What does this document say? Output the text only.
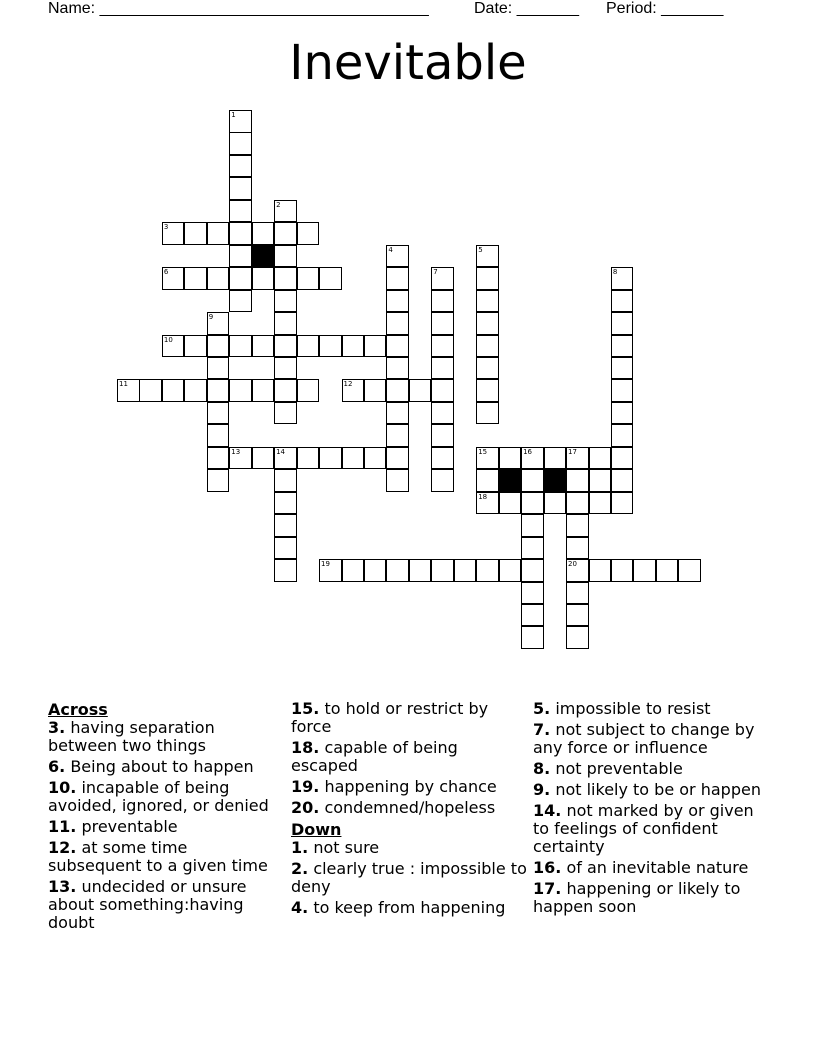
Name: _____________________________________	Date: _______ Period: _______
Inevitable
1
2
3
4	5
6	7	8
9
10
11	12
13	14	15	16	17
20
18
19
Across
3. having separation between two things
6. Being about to happen
10. incapable of being avoided, ignored, or denied
11. preventable
12. at some time subsequent to a given time
13. undecided or unsure about something:having doubt
15. to hold or restrict by force
18. capable of being escaped
19. happening by chance
20. condemned/hopeless
Down
1. not sure
2. clearly true : impossible to deny
4. to keep from happening
5. impossible to resist
7. not subject to change by any force or influence
8. not preventable
9. not likely to be or happen
14. not marked by or given to feelings of confident certainty
16. of an inevitable nature
17. happening or likely to happen soon
